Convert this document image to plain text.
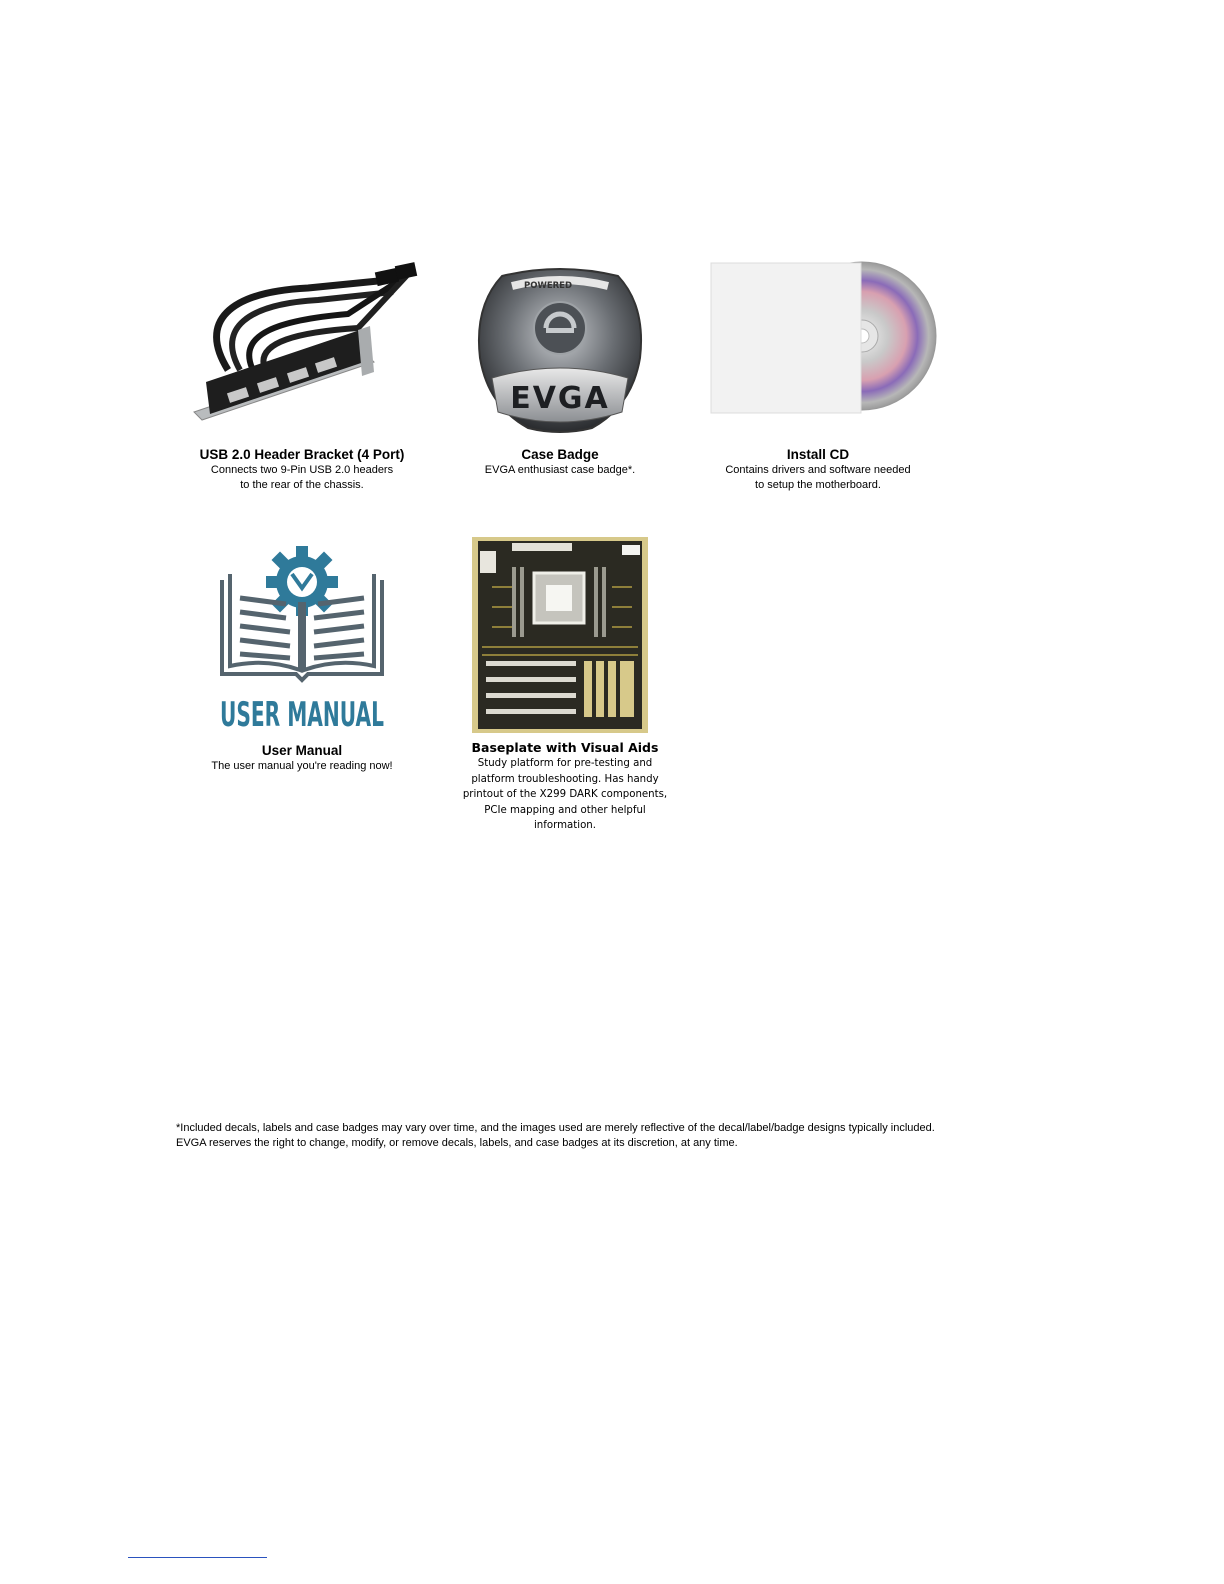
USB 2.0 Header Bracket (4 Port)
Connects two 9-Pin USB 2.0 headers
to the rear of the chassis.
POWERED
EVGA
Case Badge
EVGA enthusiast case badge*.
Install CD
Contains drivers and software needed
to setup the motherboard.
USER MANUAL
User Manual
The user manual you're reading now!
Baseplate with Visual Aids
Study platform for pre-testing and
platform troubleshooting. Has handy
printout of the X299 DARK components,
PCIe mapping and other helpful
information.
*Included decals, labels and case badges may vary over time, and the images used are merely reflective of the decal/label/badge designs typically included. EVGA reserves the right to change, modify, or remove decals, labels, and case badges at its discretion, at any time.
